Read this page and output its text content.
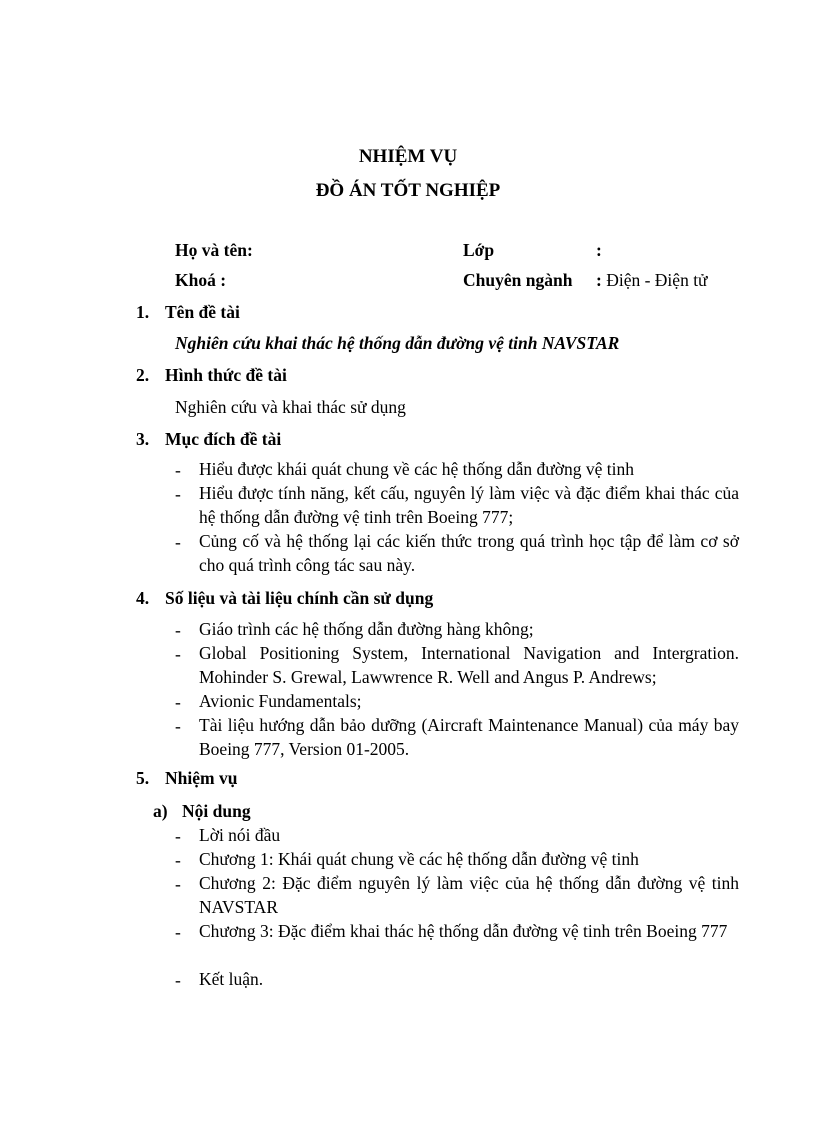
NHIỆM VỤ
ĐỒ ÁN TỐT NGHIỆP
Họ và tên:	Lớp	:
Khoá :	Chuyên ngành : Điện - Điện tử
1. Tên đề tài
Nghiên cứu khai thác hệ thống dẫn đường vệ tinh NAVSTAR
2. Hình thức đề tài
Nghiên cứu và khai thác sử dụng
3. Mục đích đề tài
- Hiểu được khái quát chung về các hệ thống dẫn đường vệ tinh
- Hiểu được tính năng, kết cấu, nguyên lý làm việc và đặc điểm khai thác của hệ thống dẫn đường vệ tinh trên Boeing 777;
- Củng cố và hệ thống lại các kiến thức trong quá trình học tập để làm cơ sở cho quá trình công tác sau này.
4. Số liệu và tài liệu chính cần sử dụng
- Giáo trình các hệ thống dẫn đường hàng không;
- Global Positioning System, International Navigation and Intergration. Mohinder S. Grewal, Lawwrence R. Well and Angus P. Andrews;
- Avionic Fundamentals;
- Tài liệu hướng dẫn bảo dưỡng (Aircraft Maintenance Manual) của máy bay Boeing 777, Version 01-2005.
5. Nhiệm vụ
a) Nội dung
- Lời nói đầu
- Chương 1: Khái quát chung về các hệ thống dẫn đường vệ tinh
- Chương 2: Đặc điểm nguyên lý làm việc của hệ thống dẫn đường vệ tinh NAVSTAR
- Chương 3: Đặc điểm khai thác hệ thống dẫn đường vệ tinh trên Boeing 777
- Kết luận.
